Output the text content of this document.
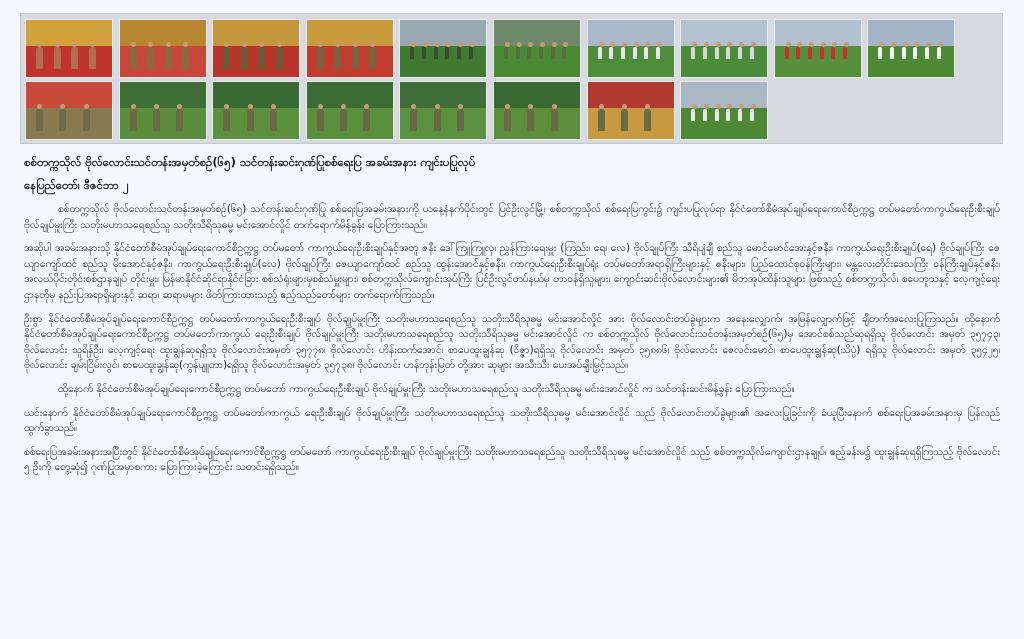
စစ်တက္ကသိုလ် ဗိုလ်လောင်းသင်တန်းအမှတ်စဉ်(၆၅) သင်တန်းဆင်းဂုဏ်ပြုစစ်ရေးပြ အခမ်းအနား ကျင်းပပြုလုပ်
နေပြည်တော်၊ ဒီဇင်ဘာ ၂

စစ်တက္ကသိုလ် ဗိုလ်လောင်းသင်တန်းအမှတ်စဉ်(၆၅) သင်တန်းဆင်းဂုဏ်ပြု စစ်ရေးပြအခမ်းအနားကို ယနေ့နံနက်ပိုင်းတွင် ပြင်ဦးလွင်မြို့၊ စစ်တက္ကသိုလ် စစ်ရေးပြကွင်း၌ ကျင်းပပြုလုပ်ရာ နိုင်ငံတော်စီမံအုပ်ချုပ်ရေးကောင်စီဥက္ကဋ္ဌ တပ်မတော်ကာကွယ်ရေးဦးစီးချုပ် ဗိုလ်ချုပ်မှူးကြီး သတိုးမဟာသရေစည်သူ သတိုးသီရိသုဓမ္မ မင်းအောင်လှိုင် တက်ရောက်မိန့်ခွန်း ပြောကြားသည်။

အဆိုပါ အခမ်းအနားသို့ နိုင်ငံတော်စီမံအုပ်ချုပ်ရေးကောင်စီဥက္ကဋ္ဌ တပ်မတော် ကာကွယ်ရေးဦးစီးချုပ်နှင့်အတူ ဇနီး ဒေါ်ကြူကြူလှ၊ ညွှန်ကြားရေးမှူး (ကြည်း၊ ရေ၊ လေ) ဗိုလ်ချုပ်ကြီး သီရိပျံချီ စည်သူ မောင်မောင်အေးနှင့်ဇနီး၊ ကာကွယ်ရေးဦးစီးချုပ်(ရေ) ဗိုလ်ချုပ်ကြီး ဇေယျာကျော်ထင် စည်သူ မိုးအောင်နှင့်ဇနီး၊ ကာကွယ်ရေးဦးစီးချုပ်(လေ) ဗိုလ်ချုပ်ကြီး ဇေယျာကျော်ထင် စည်သူ ထွန်းအောင်နှင့်ဇနီး၊ ကာကွယ်ရေးဦးစီးချုပ်ရုံး တပ်မတော်အရာရှိကြီးများနှင့် ဇနီးများ၊ ပြည်ထောင်စုဝန်ကြီးများ၊ မန္တလေးတိုင်းဒေသကြီး ဝန်ကြီးချုပ်နှင့်ဇနီး၊ အလယ်ပိုင်းတိုင်းစစ်ဌာနချုပ် တိုင်းမှူး၊ မြန်မာနိုင်ငံဆိုင်ရာနိုင်ငံခြား စစ်သံရုံးများမှစစ်သံမှူးများ၊ စစ်တက္ကသိုလ်ကျောင်းအုပ်ကြီး ပြင်ဦးလွင်တပ်နယ်မှ တာဝန်ရှိသူများ၊ ကျောင်းဆင်းဗိုလ်လောင်းများ၏ မိဘအုပ်ထိန်းသူများ ဖြစ်သည့် စစ်တက္ကသိုလ်၊ စပေဘူသနှင့် လေ့ကျင့်ရေးဌာနတိုမှ နည်းပြအရာရှိများနှင့် ဆရာ၊ ဆရာမများ ဖိတ်ကြားထားသည့် ဧည့်သည်တော်များ တက်ရောက်ကြသည်။

ဦးစွာ နိုင်ငံတော်စီမံအုပ်ချုပ်ရေးကောင်စီဥက္ကဋ္ဌ တပ်မတော်ကာကွယ်ရေးဦးစီးချုပ် ဗိုလ်ချုပ်မှူးကြီး သတိုးမဟာသရေစည်သူ သတိုးသီရိသုဓမ္မ မင်းအောင်လှိုင် အား ဗိုလ်လောင်းတပ်ခွဲများက အနေးလျှောက်၊ အမြန်လျှောက်ဖြင့် ချီတက်အလေးပြုကြသည်။ ထို့နောက် နိုင်ငံတော်စီမံအုပ်ချုပ်ရေးကောင်စီဥက္ကဋ္ဌ တပ်မတော်ကာကွယ် ရေးဦးစီးချုပ် ဗိုလ်ချုပ်မှူးကြီး သတိုးမဟာသရေစည်သူ သတိုးသီရိသုဓမ္မ မင်းအောင်လှိုင် က စစ်တက္ကသိုလ် ဗိုလ်လောင်းသင်တန်းအမှတ်စဉ်(၆၅)မှ အောင်စစ်သည်ဆုရရှိသူ ဗိုလ်လောင်း အမှတ် ၃၅၇၄၃၊ ဗိုလ်လောင်း သူရိန်ဦး၊ လေ့ကျင့်ရေး ထူးချွန်ဆုရရှိသူ ဗိုလ်လောင်းအမှတ် ၃၅၇၇၈၊ ဗိုလ်လောင်း ဟိန်းထက်အောင်၊ စာပေထူးချွန်ဆု (ဝိဇ္ဇာ)ရရှိသူ ဗိုလ်လောင်း အမှတ် ၃၅၈၈၆၊ ဗိုလ်လောင်း ဇေလင်းမောင်၊ စာပေထူးချွန်ဆု(သိပ္ပံ) ရရှိသူ ဗိုလ်လောင်း အမှတ် ၃၅၄၂၅၊ ဗိုလ်လောင်း ချမ်းငြိမ်းလွင်၊ စာပေထူးချွန်ဆု(ကွန်ပျူတာ)ရရှိသူ ဗိုလ်လောင်းအမှတ် ၃၅၇၃၈၊ ဗိုလ်လောင်း ဟန်ဘုန်းမြတ် တို့အား ဆုများ အသီးသီး ပေးအပ်ချီးမြှင့်သည်။

ထို့နောက် နိုင်ငံတော်စီမံအုပ်ချုပ်ရေးကောင်စီဥက္ကဋ္ဌ တပ်မတော် ကာကွယ်ရေးဦးစီးချုပ် ဗိုလ်ချုပ်မှူးကြီး သတိုးမဟာသရေစည်သူ သတိုးသီရိသုဓမ္မ မင်းအောင်လှိုင် က သင်တန်းဆင်းမိန့်ခွန်း ပြောကြားသည်။

ယင်းနောက် နိုင်ငံတော်စီမံအုပ်ချုပ်ရေးကောင်စီဥက္ကဋ္ဌ တပ်မတော်ကာကွယ် ရေးဦးစီးချုပ် ဗိုလ်ချုပ်မှူးကြီး သတိုးမဟာသရေစည်သူ သတိုးသီရိသုဓမ္မ မင်းအောင်လှိုင် သည် ဗိုလ်လောင်းတပ်ခွဲများ၏ အလေးပြုခြင်းကို ခံယူပြီးနောက် စစ်ရေးပြအခမ်းအနားမှ ပြန်လည်ထွက်ခွာသည်။

စစ်ရေးပြအခမ်းအနားအပြီးတွင် နိုင်ငံတော်စီမံအုပ်ချုပ်ရေးကောင်စီဥက္ကဋ္ဌ တပ်မတော် ကာကွယ်ရေးဦးစီးချုပ် ဗိုလ်ချုပ်မှူးကြီး သတိုးမဟာသရေစည်သူ သတိုးသီရိသုဓမ္မ မင်းအောင်လှိုင် သည် စစ်တက္ကသိုလ်ကျောင်းဌာနချုပ်၊ ဧည့်ခန်းမ၌ ထူးချွန်ဆုရရှိကြသည့် ဗိုလ်လောင်း ၅ ဦးကို တွေ့ဆုံ၍ ဂုဏ်ပြုအမှာစကား ပြောကြားခဲ့ကြောင်း သတင်းရရှိသည်။
